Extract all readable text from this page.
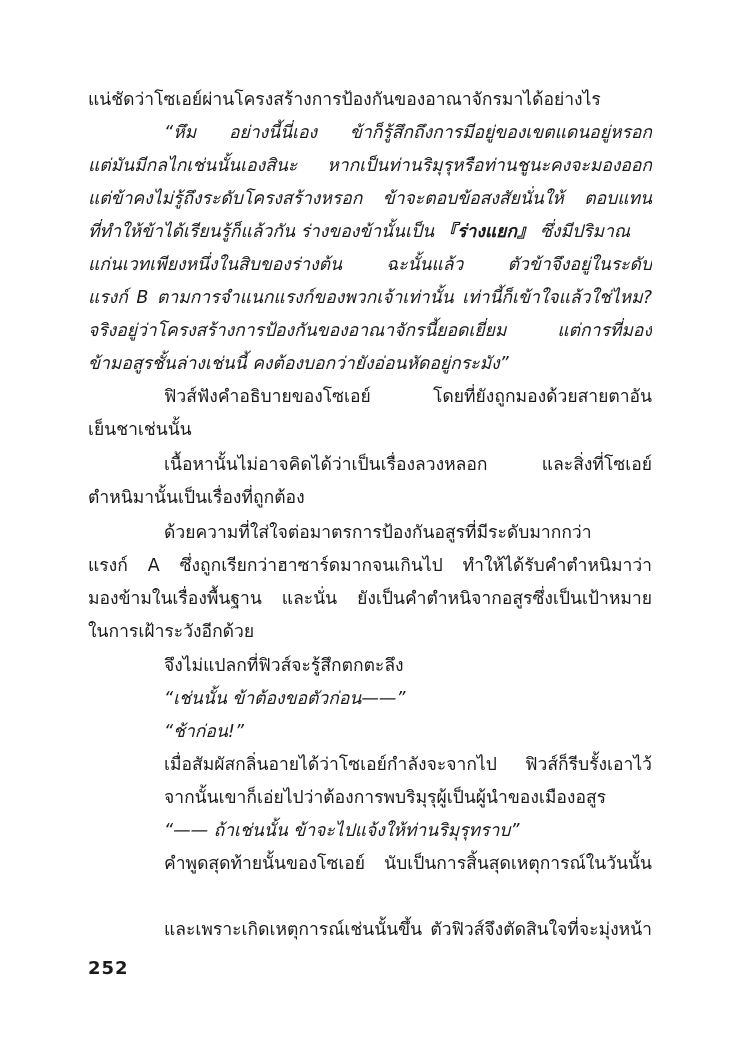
แน่ชัดว่าโซเอย์ผ่านโครงสร้างการป้องกันของอาณาจักรมาได้อย่างไร
“หึม อย่างนี้นี่เอง ข้าก็รู้สึกถึงการมีอยู่ของเขตแดนอยู่หรอก
แต่มันมีกลไกเช่นนั้นเองสินะ หากเป็นท่านริมุรุหรือท่านชูนะคงจะมองออก
แต่ข้าคงไม่รู้ถึงระดับโครงสร้างหรอก ข้าจะตอบข้อสงสัยนั่นให้ ตอบแทน
ที่ทำให้ข้าได้เรียนรู้ก็แล้วกัน ร่างของข้านั้นเป็น 『ร่างแยก』 ซึ่งมีปริมาณ
แก่นเวทเพียงหนึ่งในสิบของร่างต้น ฉะนั้นแล้ว ตัวข้าจึงอยู่ในระดับ
แรงก์ B ตามการจำแนกแรงก์ของพวกเจ้าเท่านั้น เท่านี้ก็เข้าใจแล้วใช่ไหม?
จริงอยู่ว่าโครงสร้างการป้องกันของอาณาจักรนี้ยอดเยี่ยม แต่การที่มอง
ข้ามอสูรชั้นล่างเช่นนี้ คงต้องบอกว่ายังอ่อนหัดอยู่กระมัง”
ฟิวส์ฟังคำอธิบายของโซเอย์ โดยที่ยังถูกมองด้วยสายตาอัน
เย็นชาเช่นนั้น
เนื้อหานั้นไม่อาจคิดได้ว่าเป็นเรื่องลวงหลอก และสิ่งที่โซเอย์
ตำหนิมานั้นเป็นเรื่องที่ถูกต้อง
ด้วยความที่ใส่ใจต่อมาตรการป้องกันอสูรที่มีระดับมากกว่า
แรงก์ A ซึ่งถูกเรียกว่าฮาซาร์ดมากจนเกินไป ทำให้ได้รับคำตำหนิมาว่า
มองข้ามในเรื่องพื้นฐาน และนั่น ยังเป็นคำตำหนิจากอสูรซึ่งเป็นเป้าหมาย
ในการเฝ้าระวังอีกด้วย
จึงไม่แปลกที่ฟิวส์จะรู้สึกตกตะลึง
“เช่นนั้น ข้าต้องขอตัวก่อน——”
“ช้าก่อน!”
เมื่อสัมผัสกลิ่นอายได้ว่าโซเอย์กำลังจะจากไป ฟิวส์ก็รีบรั้งเอาไว้
จากนั้นเขาก็เอ่ยไปว่าต้องการพบริมุรุผู้เป็นผู้นำของเมืองอสูร
“—— ถ้าเช่นนั้น ข้าจะไปแจ้งให้ท่านริมุรุทราบ”
คำพูดสุดท้ายนั้นของโซเอย์ นับเป็นการสิ้นสุดเหตุการณ์ในวันนั้น
และเพราะเกิดเหตุการณ์เช่นนั้นขึ้น ตัวฟิวส์จึงตัดสินใจที่จะมุ่งหน้า
252
